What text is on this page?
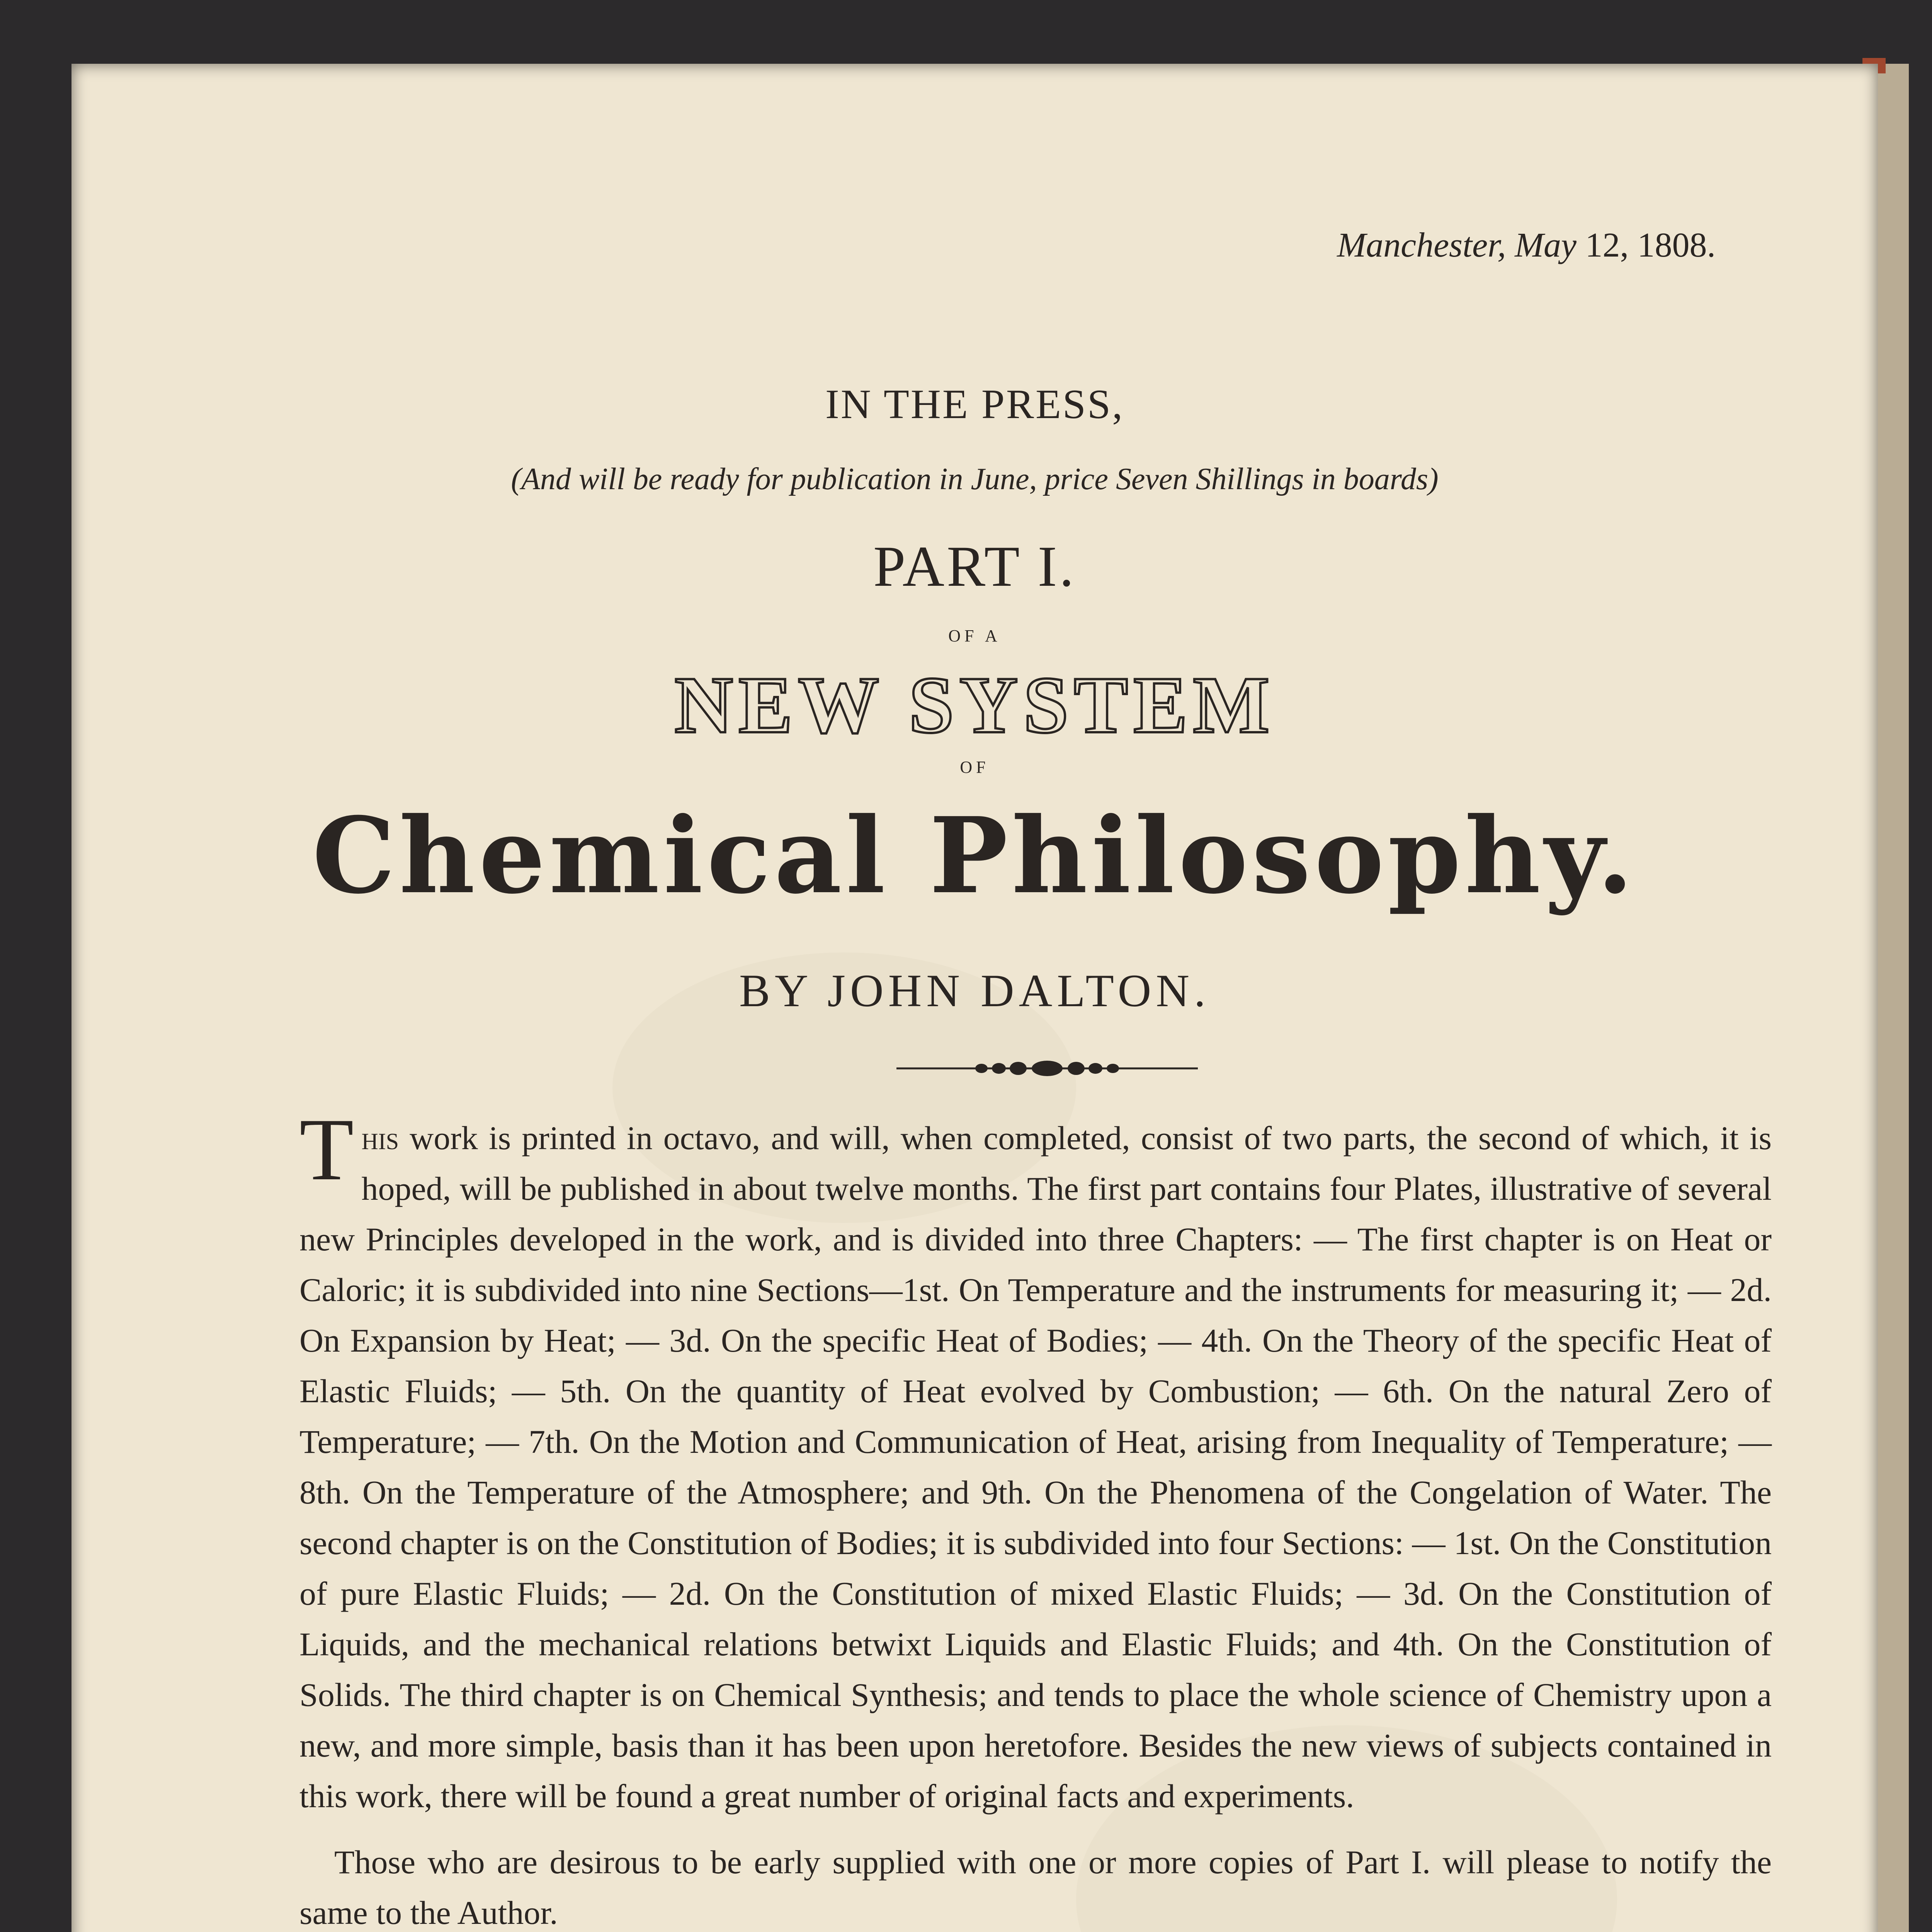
Manchester, May 12, 1808.
IN THE PRESS,
(And will be ready for publication in June, price Seven Shillings in boards)
PART I.
OF A
NEW SYSTEM
OF
Chemical Philosophy.
BY JOHN DALTON.

This work is printed in octavo, and will, when completed, consist of two parts, the second of which, it is hoped, will be published in about twelve months. The first part contains four Plates, illustrative of several new Principles developed in the work, and is divided into three Chapters: — The first chapter is on Heat or Caloric; it is subdivided into nine Sections—1st. On Temperature and the instruments for measuring it; — 2d. On Expansion by Heat; — 3d. On the specific Heat of Bodies; — 4th. On the Theory of the specific Heat of Elastic Fluids; — 5th. On the quantity of Heat evolved by Combustion; — 6th. On the natural Zero of Temperature; — 7th. On the Motion and Communication of Heat, arising from Inequality of Temperature; — 8th. On the Temperature of the Atmosphere; and 9th. On the Phenomena of the Congelation of Water. The second chapter is on the Constitution of Bodies; it is subdivided into four Sections: — 1st. On the Constitution of pure Elastic Fluids; — 2d. On the Constitution of mixed Elastic Fluids; — 3d. On the Constitution of Liquids, and the mechanical relations betwixt Liquids and Elastic Fluids; and 4th. On the Constitution of Solids. The third chapter is on Chemical Synthesis; and tends to place the whole science of Chemistry upon a new, and more simple, basis than it has been upon heretofore. Besides the new views of subjects contained in this work, there will be found a great number of original facts and experiments.

Those who are desirous to be early supplied with one or more copies of Part I. will please to notify the same to the Author.
